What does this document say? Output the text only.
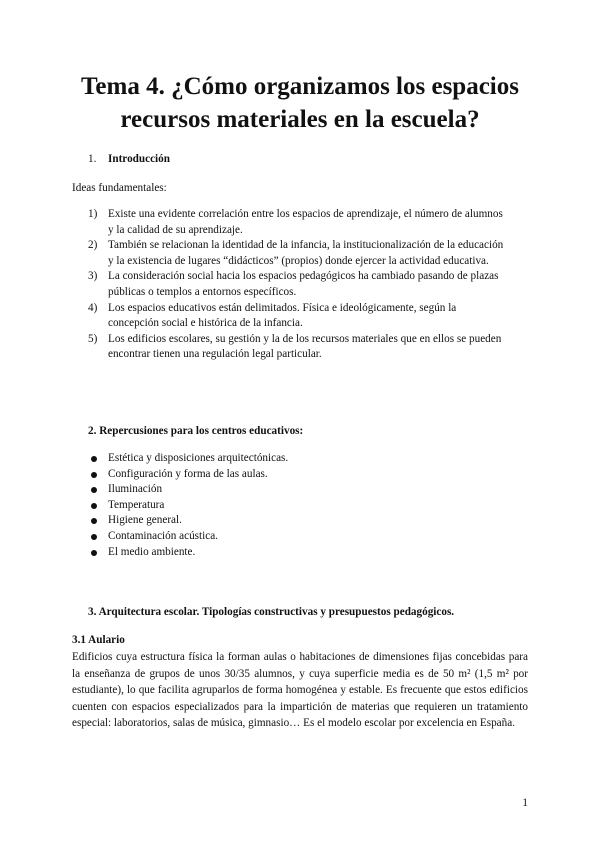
Tema 4. ¿Cómo organizamos los espacios recursos materiales en la escuela?
1. Introducción
Ideas fundamentales:
1) Existe una evidente correlación entre los espacios de aprendizaje, el número de alumnos y la calidad de su aprendizaje.
2) También se relacionan la identidad de la infancia, la institucionalización de la educación y la existencia de lugares “didácticos” (propios) donde ejercer la actividad educativa.
3) La consideración social hacia los espacios pedagógicos ha cambiado pasando de plazas públicas o templos a entornos específicos.
4) Los espacios educativos están delimitados. Física e ideológicamente, según la concepción social e histórica de la infancia.
5) Los edificios escolares, su gestión y la de los recursos materiales que en ellos se pueden encontrar tienen una regulación legal particular.
2. Repercusiones para los centros educativos:
Estética y disposiciones arquitectónicas.
Configuración y forma de las aulas.
Iluminación
Temperatura
Higiene general.
Contaminación acústica.
El medio ambiente.
3. Arquitectura escolar. Tipologías constructivas y presupuestos pedagógicos.
3.1 Aulario
Edificios cuya estructura física la forman aulas o habitaciones de dimensiones fijas concebidas para la enseñanza de grupos de unos 30/35 alumnos, y cuya superficie media es de 50 m² (1,5 m² por estudiante), lo que facilita agruparlos de forma homogénea y estable. Es frecuente que estos edificios cuenten con espacios especializados para la impartición de materias que requieren un tratamiento especial: laboratorios, salas de música, gimnasio… Es el modelo escolar por excelencia en España.
1
